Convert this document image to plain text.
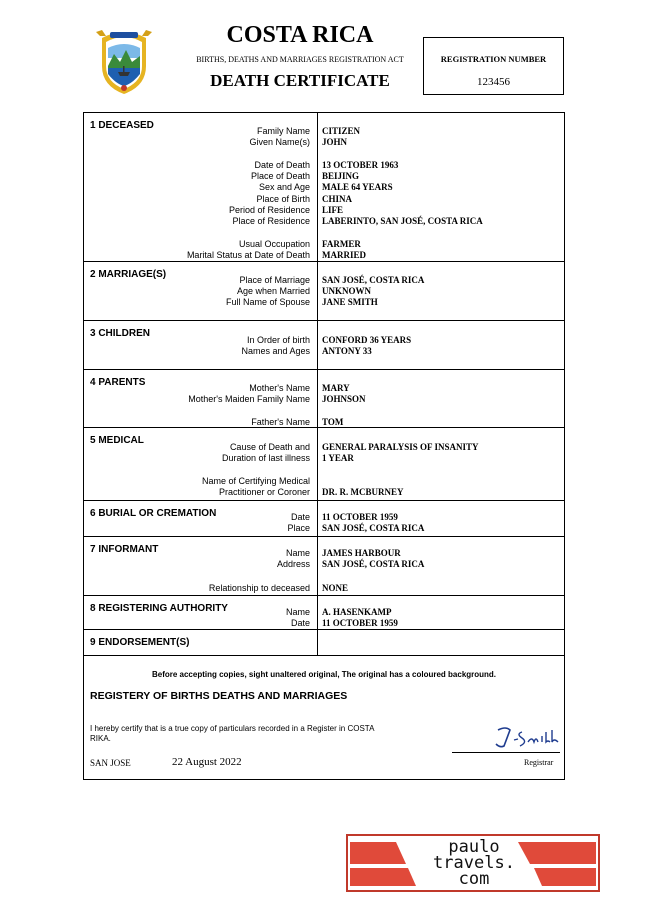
COSTA RICA
BIRTHS, DEATHS AND MARRIAGES REGISTRATION ACT
DEATH CERTIFICATE
REGISTRATION NUMBER
123456
1 DECEASED	Family Name CITIZEN
Given Name(s) JOHN
Date of Death 13 OCTOBER 1963
Place of Death BEIJING
Sex and Age MALE 64 YEARS
Place of Birth CHINA
Period of Residence LIFE
Place of Residence LABERINTO, SAN JOSÉ, COSTA RICA
Usual Occupation FARMER
Marital Status at Date of Death MARRIED
2 MARRIAGE(S)	Place of Marriage SAN JOSÉ, COSTA RICA
Age when Married UNKNOWN
Full Name of Spouse JANE SMITH
3 CHILDREN
In Order of birth CONFORD 36 YEARS
Names and Ages ANTONY 33
4 PARENTS	Mother's Name MARY
Mother's Maiden Family Name JOHNSON
Father's Name TOM
5 MEDICAL
Cause of Death and GENERAL PARALYSIS OF INSANITY
Duration of last illness 1 YEAR
Name of Certifying Medical
Practitioner or Coroner DR. R. MCBURNEY
6 BURIAL OR CREMATION	Date 11 OCTOBER 1959
Place SAN JOSÉ, COSTA RICA
7 INFORMANT	Name JAMES HARBOUR
Address SAN JOSÉ, COSTA RICA
Relationship to deceased NONE
8 REGISTERING AUTHORITY	Name A. HASENKAMP
Date 11 OCTOBER 1959
9 ENDORSEMENT(S)
Before accepting copies, sight unaltered original, The original has a coloured background.
REGISTERY OF BIRTHS DEATHS AND MARRIAGES
I hereby certify that is a true copy of particulars recorded in a Register in COSTA RIKA.
SAN JOSE	22 August 2022	Registrar
paulo
travels.
com
